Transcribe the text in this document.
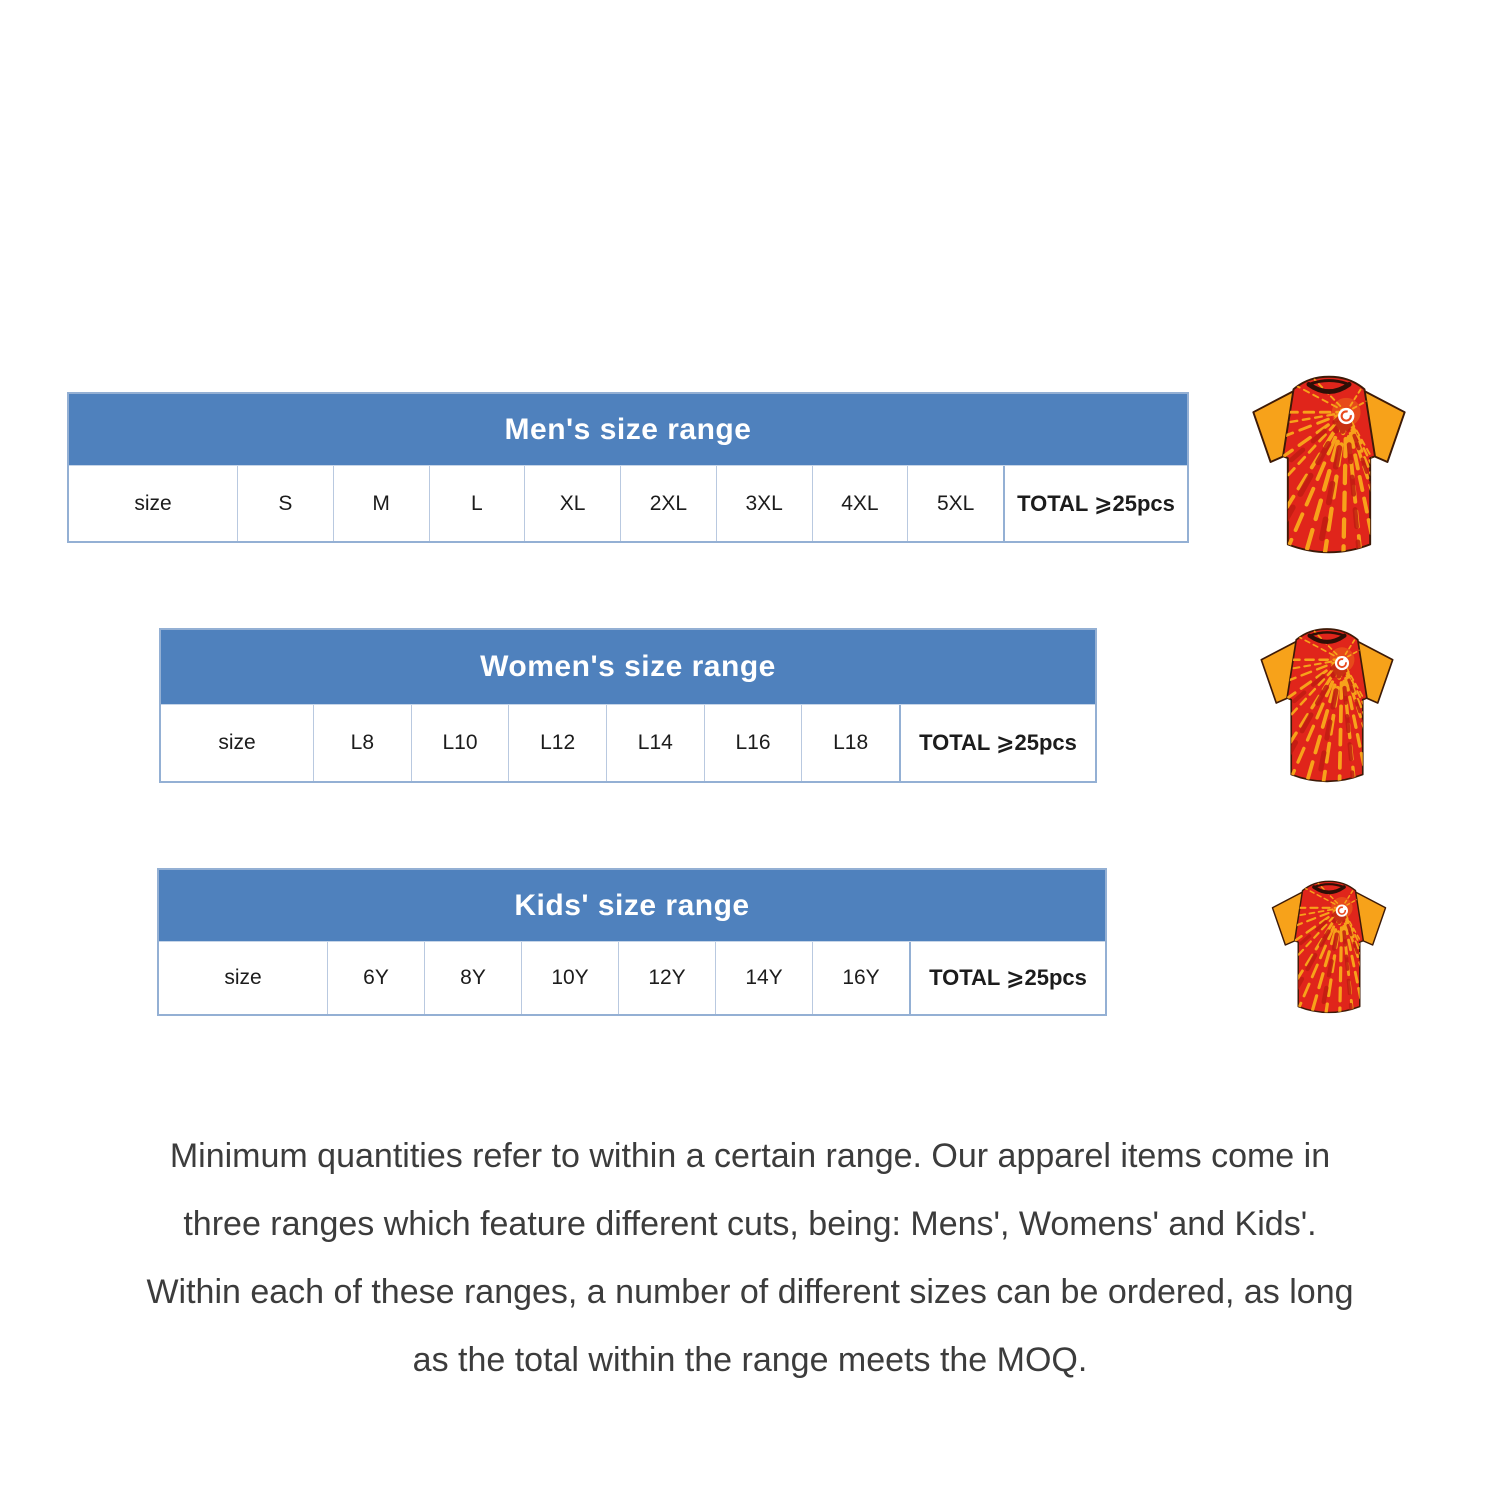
Men's size range
size	S	M	L	XL	2XL	3XL	4XL	5XL	TOTAL ⩾25pcs
Women's size range
size	L8	L10	L12	L14	L16	L18	TOTAL ⩾25pcs
Kids' size range
size	6Y	8Y	10Y	12Y	14Y	16Y	TOTAL ⩾25pcs

Minimum quantities refer to within a certain range. Our apparel items come in three ranges which feature different cuts, being: Mens', Womens' and Kids'. Within each of these ranges, a number of different sizes can be ordered, as long as the total within the range meets the MOQ.
